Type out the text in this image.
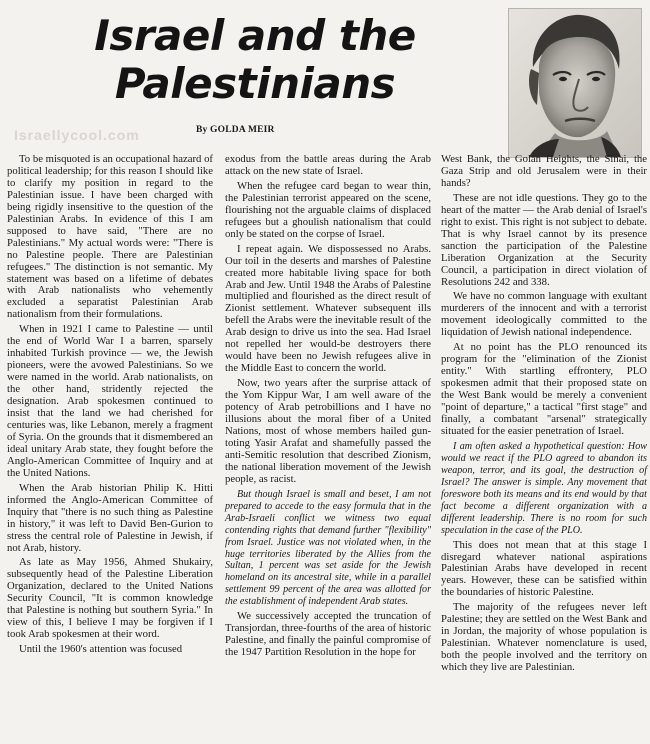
Israel and the
Palestinians
Israellycool.com	By GOLDA MEIR

To be misquoted is an occupational hazard of political leadership; for this reason I should like to clarify my position in regard to the Palestinian issue. I have been charged with being rigidly insensitive to the question of the Palestinian Arabs. In evidence of this I am supposed to have said, "There are no Palestinians." My actual words were: "There is no Palestine people. There are Palestinian refugees." The distinction is not semantic. My statement was based on a lifetime of debates with Arab nationalists who vehemently excluded a separatist Palestinian Arab nationalism from their formulations.

When in 1921 I came to Palestine — until the end of World War I a barren, sparsely inhabited Turkish province — we, the Jewish pioneers, were the avowed Palestinians. So we were named in the world. Arab nationalists, on the other hand, stridently rejected the designation. Arab spokesmen continued to insist that the land we had cherished for centuries was, like Lebanon, merely a fragment of Syria. On the grounds that it dismembered an ideal unitary Arab state, they fought before the Anglo-American Committee of Inquiry and at the United Nations.

When the Arab historian Philip K. Hitti informed the Anglo-American Committee of Inquiry that "there is no such thing as Palestine in history," it was left to David Ben-Gurion to stress the central role of Palestine in Jewish, if not Arab, history.

As late as May 1956, Ahmed Shukairy, subsequently head of the Palestine Liberation Organization, declared to the United Nations Security Council, "It is common knowledge that Palestine is nothing but southern Syria." In view of this, I believe I may be forgiven if I took Arab spokesmen at their word.

Until the 1960's attention was focused

exodus from the battle areas during the Arab attack on the new state of Israel.

When the refugee card began to wear thin, the Palestinian terrorist appeared on the scene, flourishing not the arguable claims of displaced refugees but a ghoulish nationalism that could only be stated on the corpse of Israel.

I repeat again. We dispossessed no Arabs. Our toil in the deserts and marshes of Palestine created more habitable living space for both Arab and Jew. Until 1948 the Arabs of Palestine multiplied and flourished as the direct result of Zionist settlement. Whatever subsequent ills befell the Arabs were the inevitable result of the Arab design to drive us into the sea. Had Israel not repelled her would-be destroyers there would have been no Jewish refugees alive in the Middle East to concern the world.

Now, two years after the surprise attack of the Yom Kippur War, I am well aware of the potency of Arab petrobillions and I have no illusions about the moral fiber of a United Nations, most of whose members hailed gun-toting Yasir Arafat and shamefully passed the anti-Semitic resolution that described Zionism, the national liberation movement of the Jewish people, as racist.

But though Israel is small and beset, I am not prepared to accede to the easy formula that in the Arab-Israeli conflict we witness two equal contending rights that demand further "flexibility" from Israel. Justice was not violated when, in the huge territories liberated by the Allies from the Sultan, 1 percent was set aside for the Jewish homeland on its ancestral site, while in a parallel settlement 99 percent of the area was allotted for the establishment of independent Arab states.

We successively accepted the truncation of Transjordan, three-fourths of the area of historic Palestine, and finally the painful compromise of the 1947 Partition Resolution in the hope for

West Bank, the Golan Heights, the Sinai, the Gaza Strip and old Jerusalem were in their hands?

These are not idle questions. They go to the heart of the matter — the Arab denial of Israel's right to exist. This right is not subject to debate. That is why Israel cannot by its presence sanction the participation of the Palestine Liberation Organization at the Security Council, a participation in direct violation of Resolutions 242 and 338.

We have no common language with exultant murderers of the innocent and with a terrorist movement ideologically committed to the liquidation of Jewish national independence.

At no point has the PLO renounced its program for the "elimination of the Zionist entity." With startling effrontery, PLO spokesmen admit that their proposed state on the West Bank would be merely a convenient "point of departure," a tactical "first stage" and finally, a combatant "arsenal" strategically situated for the easier penetration of Israel.

I am often asked a hypothetical question: How would we react if the PLO agreed to abandon its weapon, terror, and its goal, the destruction of Israel? The answer is simple. Any movement that foreswore both its means and its end would by that fact become a different organization with a different leadership. There is no room for such speculation in the case of the PLO.

This does not mean that at this stage I disregard whatever national aspirations Palestinian Arabs have developed in recent years. However, these can be satisfied within the boundaries of historic Palestine.

The majority of the refugees never left Palestine; they are settled on the West Bank and in Jordan, the majority of whose population is Palestinian. Whatever nomenclature is used, both the people involved and the territory on which they live are Palestinian.
